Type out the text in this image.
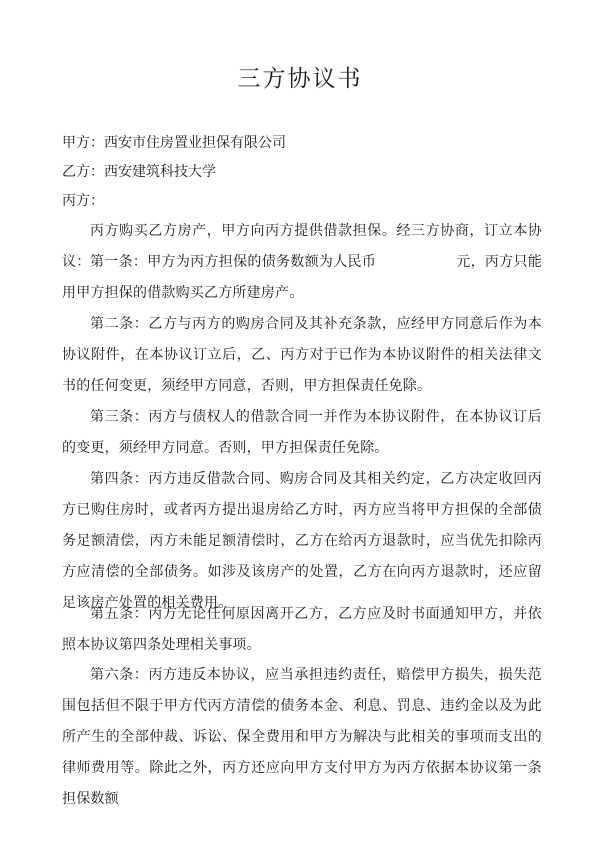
三方协议书
甲方：西安市住房置业担保有限公司
乙方：西安建筑科技大学
丙方：
丙方购买乙方房产，甲方向丙方提供借款担保。经三方协商，订立本协议： 第一条：甲方为丙方担保的债务数额为人民币	元，丙方只能用甲方担保的借款购买乙方所建房产。
第二条：乙方与丙方的购房合同及其补充条款，应经甲方同意后作为本协议附件，在本协议订立后，乙、丙方对于已作为本协议附件的相关法律文书的任何变更，须经甲方同意，否则，甲方担保责任免除。
第三条：丙方与债权人的借款合同一并作为本协议附件，在本协议订后的变更，须经甲方同意。否则，甲方担保责任免除。
第四条：丙方违反借款合同、购房合同及其相关约定，乙方决定收回丙方已购住房时，或者丙方提出退房给乙方时，丙方应当将甲方担保的全部债务足额清偿，丙方未能足额清偿时，乙方在给丙方退款时，应当优先扣除丙方应清偿的全部债务。如涉及该房产的处置，乙方在向丙方退款时，还应留足该房产处置的相关费用。
第五条：丙方无论任何原因离开乙方，乙方应及时书面通知甲方，并依照本协议第四条处理相关事项。
第六条：丙方违反本协议，应当承担违约责任，赔偿甲方损失，损失范围包括但不限于甲方代丙方清偿的债务本金、利息、罚息、违约金以及为此所产生的全部仲裁、诉讼、保全费用和甲方为解决与此相关的事项而支出的律师费用等。除此之外，丙方还应向甲方支付甲方为丙方依据本协议第一条担保数额
